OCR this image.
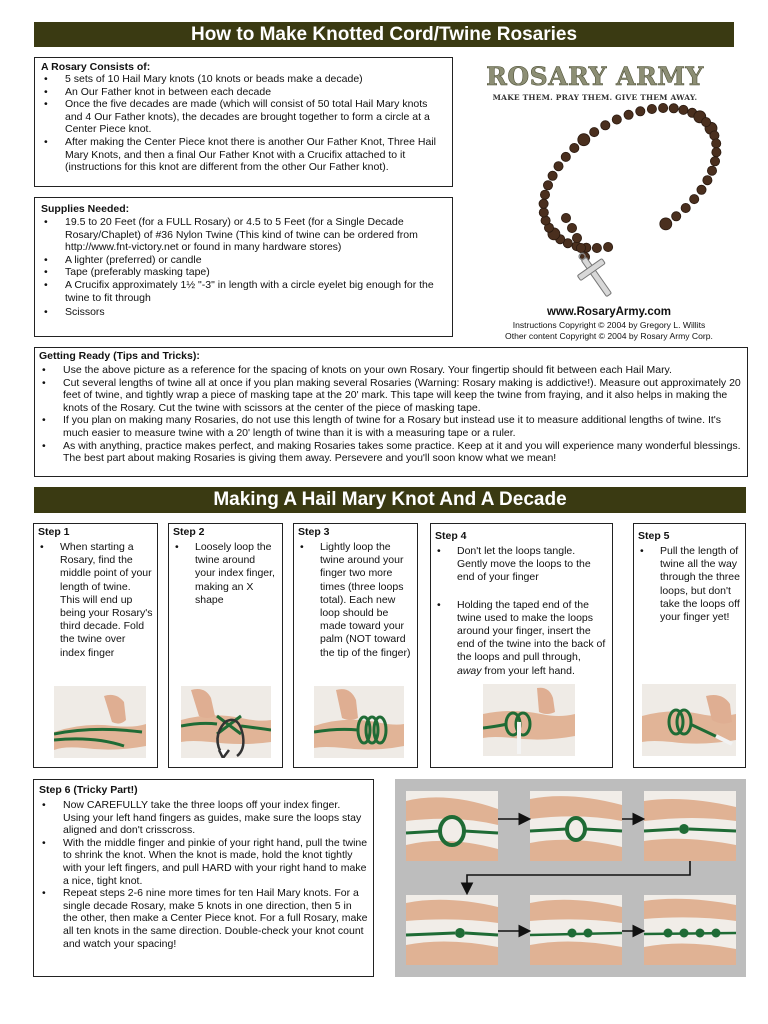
How to Make Knotted Cord/Twine Rosaries
A Rosary Consists of:
• 5 sets of 10 Hail Mary knots (10 knots or beads make a decade)
• An Our Father knot in between each decade
• Once the five decades are made (which will consist of 50 total Hail Mary knots and 4 Our Father knots), the decades are brought together to form a circle at a Center Piece knot.
• After making the Center Piece knot there is another Our Father Knot, Three Hail Mary Knots, and then a final Our Father Knot with a Crucifix attached to it (instructions for this knot are different from the other Our Father knot).
Supplies Needed:
• 19.5 to 20 Feet (for a FULL Rosary) or 4.5 to 5 Feet (for a Single Decade Rosary/Chaplet) of #36 Nylon Twine (This kind of twine can be ordered from http://www.fnt-victory.net or found in many hardware stores)
• A lighter (preferred) or candle
• Tape (preferably masking tape)
• A Crucifix approximately 1½ "-3" in length with a circle eyelet big enough for the twine to fit through
• Scissors
ROSARY ARMY
MAKE THEM. PRAY THEM. GIVE THEM AWAY.
www.RosaryArmy.com
Instructions Copyright © 2004 by Gregory L. Willits
Other content Copyright © 2004 by Rosary Army Corp.
Getting Ready (Tips and Tricks):
• Use the above picture as a reference for the spacing of knots on your own Rosary. Your fingertip should fit between each Hail Mary.
• Cut several lengths of twine all at once if you plan making several Rosaries (Warning: Rosary making is addictive!). Measure out approximately 20 feet of twine, and tightly wrap a piece of masking tape at the 20' mark. This tape will keep the twine from fraying, and it also helps in making the knots of the Rosary. Cut the twine with scissors at the center of the piece of masking tape.
• If you plan on making many Rosaries, do not use this length of twine for a Rosary but instead use it to measure additional lengths of twine. It's much easier to measure twine with a 20' length of twine than it is with a measuring tape or a ruler.
• As with anything, practice makes perfect, and making Rosaries takes some practice. Keep at it and you will experience many wonderful blessings. The best part about making Rosaries is giving them away. Persevere and you'll soon know what we mean!
Making A Hail Mary Knot And A Decade
Step 1
• When starting a Rosary, find the middle point of your length of twine. This will end up being your Rosary's third decade. Fold the twine over index finger
Step 2
• Loosely loop the twine around your index finger, making an X shape
Step 3
• Lightly loop the twine around your finger two more times (three loops total). Each new loop should be made toward your palm (NOT toward the tip of the finger)
Step 4
• Don't let the loops tangle. Gently move the loops to the end of your finger
• Holding the taped end of the twine used to make the loops around your finger, insert the end of the twine into the back of the loops and pull through, away from your left hand.
Step 5
• Pull the length of twine all the way through the three loops, but don't take the loops off your finger yet!
Step 6 (Tricky Part!)
• Now CAREFULLY take the three loops off your index finger. Using your left hand fingers as guides, make sure the loops stay aligned and don't crisscross.
• With the middle finger and pinkie of your right hand, pull the twine to shrink the knot. When the knot is made, hold the knot tightly with your left fingers, and pull HARD with your right hand to make a nice, tight knot.
• Repeat steps 2-6 nine more times for ten Hail Mary knots. For a single decade Rosary, make 5 knots in one direction, then 5 in the other, then make a Center Piece knot. For a full Rosary, make all ten knots in the same direction. Double-check your knot count and watch your spacing!
